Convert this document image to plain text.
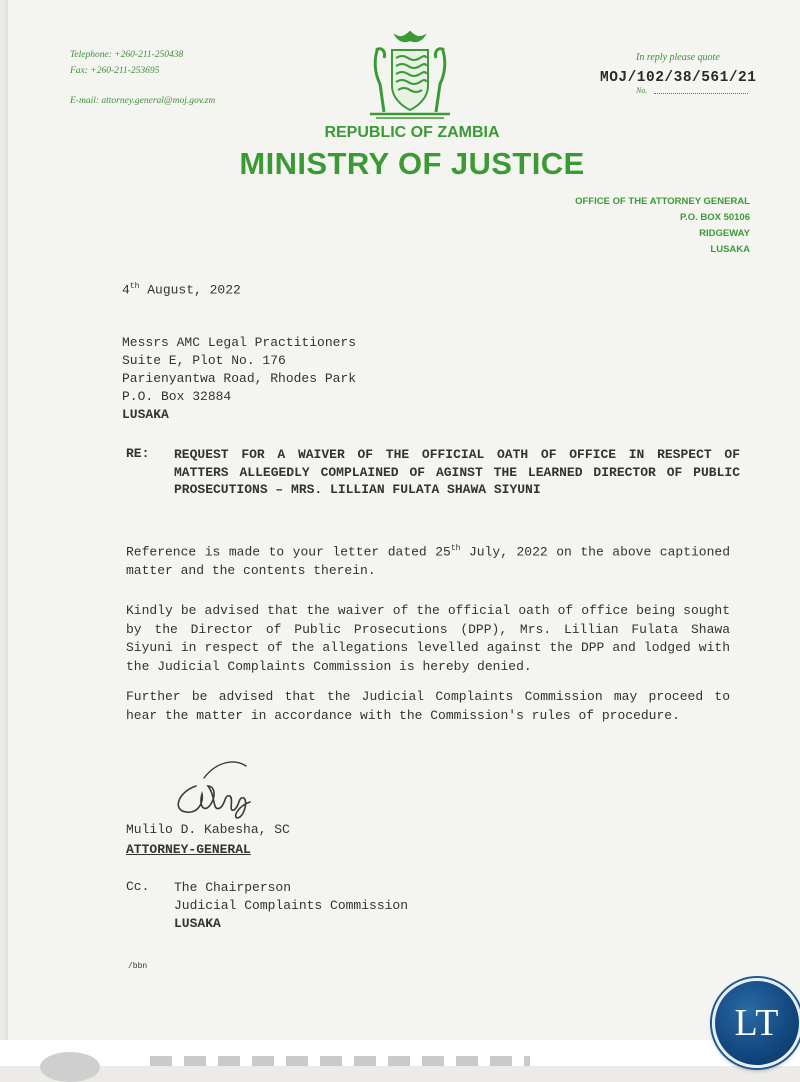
Telephone: +260-211-250438
Fax: +260-211-253695
E-mail: attorney.general@moj.gov.zm
In reply please quote
MOJ/102/38/561/21
No.
REPUBLIC OF ZAMBIA
MINISTRY OF JUSTICE
OFFICE OF THE ATTORNEY GENERAL
P.O. BOX 50106
RIDGEWAY
LUSAKA
4th August, 2022
Messrs AMC Legal Practitioners
Suite E, Plot No. 176
Parienyantwa Road, Rhodes Park
P.O. Box 32884
LUSAKA
RE: REQUEST FOR A WAIVER OF THE OFFICIAL OATH OF OFFICE IN RESPECT OF MATTERS ALLEGEDLY COMPLAINED OF AGINST THE LEARNED DIRECTOR OF PUBLIC PROSECUTIONS – MRS. LILLIAN FULATA SHAWA SIYUNI
Reference is made to your letter dated 25th July, 2022 on the above captioned matter and the contents therein.
Kindly be advised that the waiver of the official oath of office being sought by the Director of Public Prosecutions (DPP), Mrs. Lillian Fulata Shawa Siyuni in respect of the allegations levelled against the DPP and lodged with the Judicial Complaints Commission is hereby denied.
Further be advised that the Judicial Complaints Commission may proceed to hear the matter in accordance with the Commission's rules of procedure.
Mulilo D. Kabesha, SC
ATTORNEY-GENERAL
Cc. The Chairperson
Judicial Complaints Commission
LUSAKA
/bbn
LT
